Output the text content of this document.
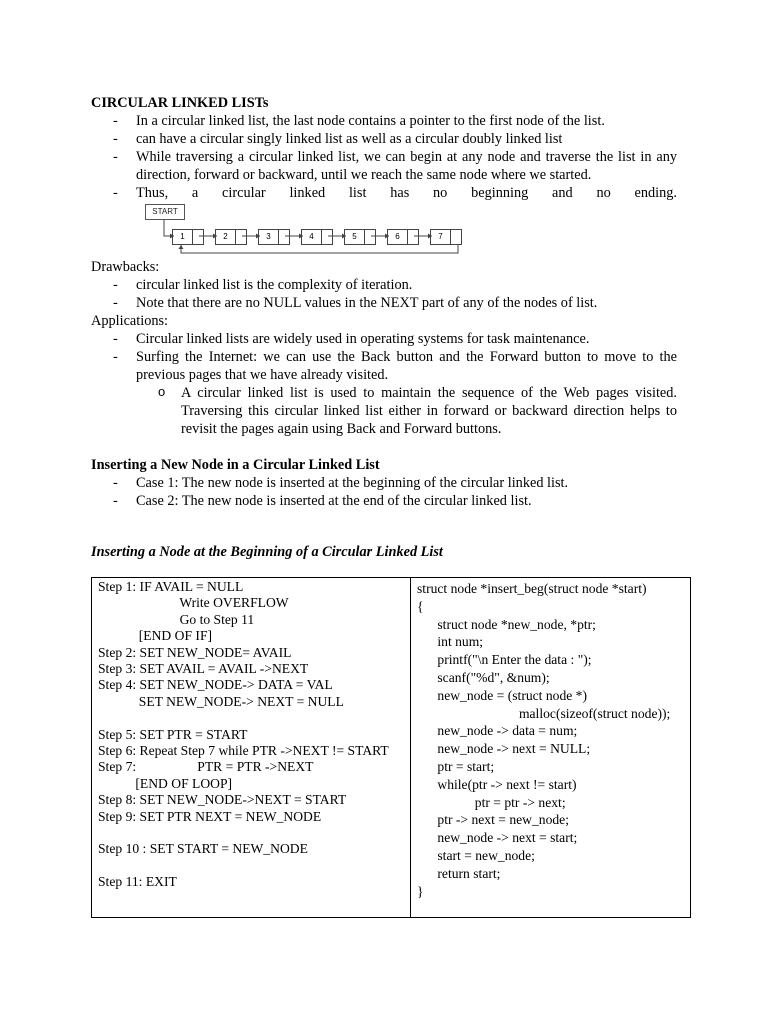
CIRCULAR LINKED LISTs

- In a circular linked list, the last node contains a pointer to the first node of the list.
- can have a circular singly linked list as well as a circular doubly linked list
- While traversing a circular linked list, we can begin at any node and traverse the list in any direction, forward or backward, until we reach the same node where we started.
- Thus, a circular linked list has no beginning and no ending.
START
1	2	3	4	5	6	7

Drawbacks:

- circular linked list is the complexity of iteration.
- Note that there are no NULL values in the NEXT part of any of the nodes of list.

Applications:

- Circular linked lists are widely used in operating systems for task maintenance.
- Surfing the Internet: we can use the Back button and the Forward button to move to the previous pages that we have already visited.
o A circular linked list is used to maintain the sequence of the Web pages visited. Traversing this circular linked list either in forward or backward direction helps to revisit the pages again using Back and Forward buttons.

Inserting a New Node in a Circular Linked List

- Case 1: The new node is inserted at the beginning of the circular linked list.
- Case 2: The new node is inserted at the end of the circular linked list.

Inserting a Node at the Beginning of a Circular Linked List

Step 1: IF AVAIL = NULL
Write OVERFLOW
Go to Step 11
[END OF IF]
Step 2: SET NEW_NODE= AVAIL
Step 3: SET AVAIL = AVAIL ->NEXT
Step 4: SET NEW_NODE-> DATA = VAL
SET NEW_NODE-> NEXT = NULL
Step 5: SET PTR = START
Step 6: Repeat Step 7 while PTR ->NEXT != START
Step 7:                  PTR = PTR ->NEXT
[END OF LOOP]
Step 8: SET NEW_NODE->NEXT = START
Step 9: SET PTR NEXT = NEW_NODE
Step 10 : SET START = NEW_NODE
Step 11: EXIT

struct node *insert_beg(struct node *start)
{
struct node *new_node, *ptr;
int num;
printf("\n Enter the data : ");
scanf("%d", &num);
new_node = (struct node *)
malloc(sizeof(struct node));
new_node -> data = num;
new_node -> next = NULL;
ptr = start;
while(ptr -> next != start)
ptr = ptr -> next;
ptr -> next = new_node;
new_node -> next = start;
start = new_node;
return start;
}
